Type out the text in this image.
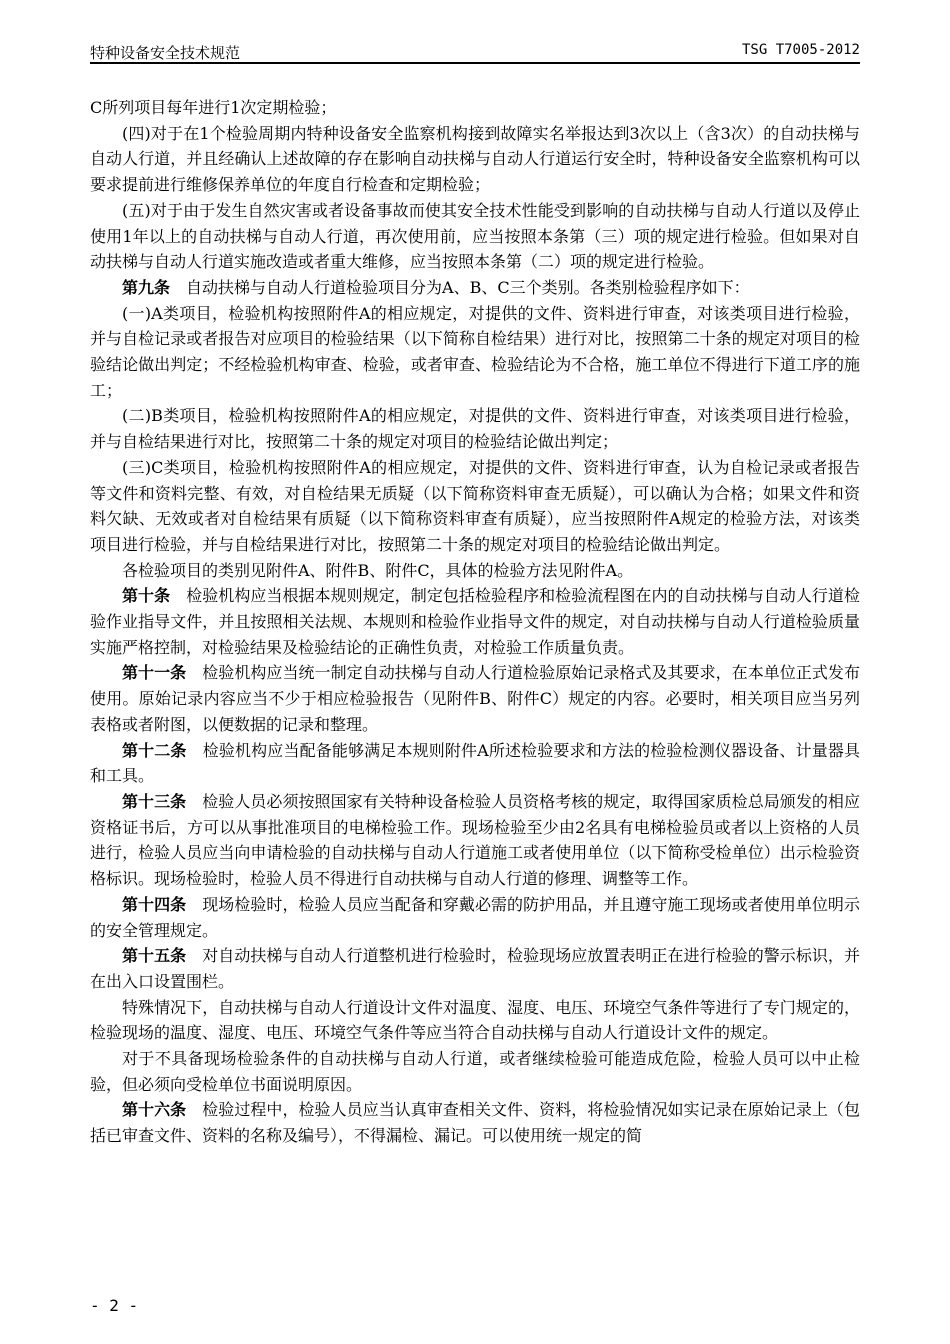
特种设备安全技术规范	TSG T7005-2012

C所列项目每年进行1次定期检验；

(四)对于在1个检验周期内特种设备安全监察机构接到故障实名举报达到3次以上（含3次）的自动扶梯与自动人行道，并且经确认上述故障的存在影响自动扶梯与自动人行道运行安全时，特种设备安全监察机构可以要求提前进行维修保养单位的年度自行检查和定期检验；

(五)对于由于发生自然灾害或者设备事故而使其安全技术性能受到影响的自动扶梯与自动人行道以及停止使用1年以上的自动扶梯与自动人行道，再次使用前，应当按照本条第（三）项的规定进行检验。但如果对自动扶梯与自动人行道实施改造或者重大维修，应当按照本条第（二）项的规定进行检验。

第九条　 自动扶梯与自动人行道检验项目分为A、B、C三个类别。各类别检验程序如下：

(一)A类项目，检验机构按照附件A的相应规定，对提供的文件、资料进行审查，对该类项目进行检验，并与自检记录或者报告对应项目的检验结果（以下简称自检结果）进行对比，按照第二十条的规定对项目的检验结论做出判定；不经检验机构审查、检验，或者审查、检验结论为不合格，施工单位不得进行下道工序的施工；

(二)B类项目，检验机构按照附件A的相应规定，对提供的文件、资料进行审查，对该类项目进行检验，并与自检结果进行对比，按照第二十条的规定对项目的检验结论做出判定；

(三)C类项目，检验机构按照附件A的相应规定，对提供的文件、资料进行审查，认为自检记录或者报告等文件和资料完整、有效，对自检结果无质疑（以下简称资料审查无质疑），可以确认为合格；如果文件和资料欠缺、无效或者对自检结果有质疑（以下简称资料审查有质疑），应当按照附件A规定的检验方法，对该类项目进行检验，并与自检结果进行对比，按照第二十条的规定对项目的检验结论做出判定。

各检验项目的类别见附件A、附件B、附件C，具体的检验方法见附件A。

第十条　 检验机构应当根据本规则规定，制定包括检验程序和检验流程图在内的自动扶梯与自动人行道检验作业指导文件，并且按照相关法规、本规则和检验作业指导文件的规定，对自动扶梯与自动人行道检验质量实施严格控制，对检验结果及检验结论的正确性负责，对检验工作质量负责。

第十一条　 检验机构应当统一制定自动扶梯与自动人行道检验原始记录格式及其要求，在本单位正式发布使用。原始记录内容应当不少于相应检验报告（见附件B、附件C）规定的内容。必要时，相关项目应当另列表格或者附图，以便数据的记录和整理。

第十二条　 检验机构应当配备能够满足本规则附件A所述检验要求和方法的检验检测仪器设备、计量器具和工具。

第十三条　 检验人员必须按照国家有关特种设备检验人员资格考核的规定，取得国家质检总局颁发的相应资格证书后，方可以从事批准项目的电梯检验工作。现场检验至少由2名具有电梯检验员或者以上资格的人员进行，检验人员应当向申请检验的自动扶梯与自动人行道施工或者使用单位（以下简称受检单位）出示检验资格标识。现场检验时，检验人员不得进行自动扶梯与自动人行道的修理、调整等工作。

第十四条　 现场检验时，检验人员应当配备和穿戴必需的防护用品，并且遵守施工现场或者使用单位明示的安全管理规定。

第十五条　 对自动扶梯与自动人行道整机进行检验时，检验现场应放置表明正在进行检验的警示标识，并在出入口设置围栏。

特殊情况下，自动扶梯与自动人行道设计文件对温度、湿度、电压、环境空气条件等进行了专门规定的，检验现场的温度、湿度、电压、环境空气条件等应当符合自动扶梯与自动人行道设计文件的规定。

对于不具备现场检验条件的自动扶梯与自动人行道，或者继续检验可能造成危险，检验人员可以中止检验，但必须向受检单位书面说明原因。

第十六条　 检验过程中，检验人员应当认真审查相关文件、资料，将检验情况如实记录在原始记录上（包括已审查文件、资料的名称及编号），不得漏检、漏记。可以使用统一规定的简

- 2 -
